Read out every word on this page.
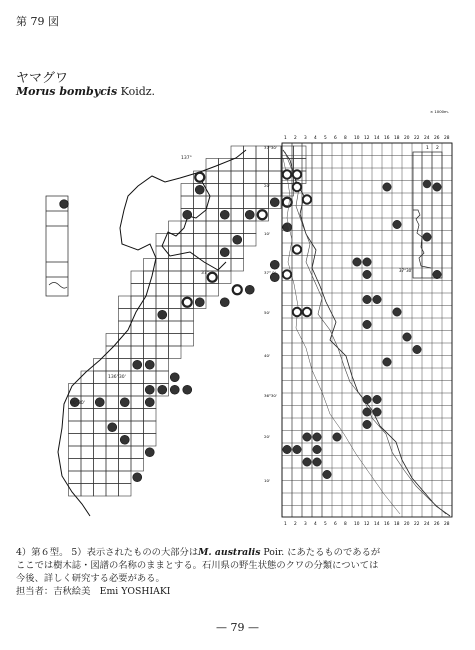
第 79 図
ヤマグワ
Morus bombycis Koidz.
137°
136°30'
37°
36°30'
1
1
2
2
3
3
4
4
5
5
6
6
8
8
10
10
12
12
14
14
16
16
18
18
20
20
22
22
24
24
26
26
28
28
37°30'
20'
10'
37° 0'
50'
40'
36°30'
20'
10'
1 2
37°30'
× 1000m.
4）第６型。 5）表示されたものの大部分はM. australis Poir. にあたるものであるが
ここでは樹木誌・図譜の名称のままとする。石川県の野生状態のクワの分類については
今後、詳しく研究する必要がある。
担当者：吉秋絵美　Emi YOSHIAKI
— 79 —
